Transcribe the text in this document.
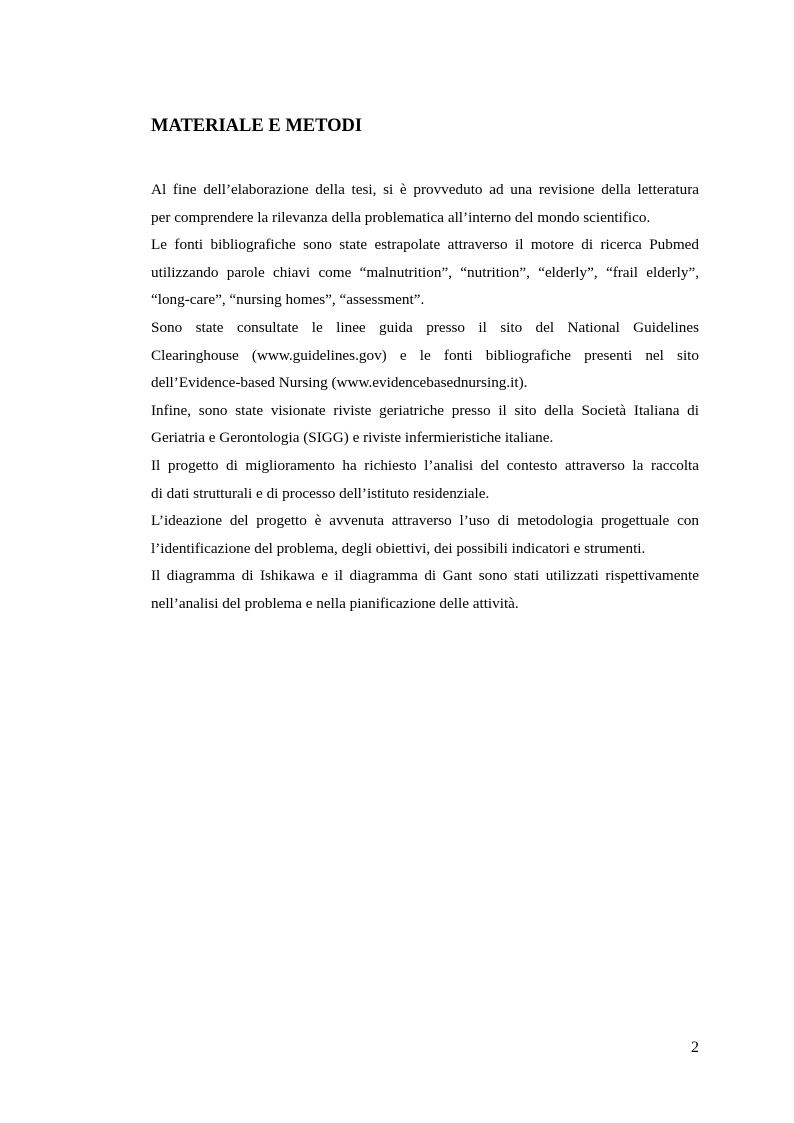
MATERIALE E METODI
Al fine dell’elaborazione della tesi, si è provveduto ad una revisione della letteratura
per comprendere la rilevanza della problematica all’interno del mondo scientifico.
Le fonti bibliografiche sono state estrapolate attraverso il motore di ricerca Pubmed
utilizzando parole chiavi come “malnutrition”, “nutrition”, “elderly”, “frail elderly”,
“long-care”, “nursing homes”, “assessment”.
Sono state consultate le linee guida presso il sito del National Guidelines
Clearinghouse (www.guidelines.gov) e le fonti bibliografiche presenti nel sito
dell’Evidence-based Nursing (www.evidencebasednursing.it).
Infine, sono state visionate riviste geriatriche presso il sito della Società Italiana di
Geriatria e Gerontologia (SIGG) e riviste infermieristiche italiane.
Il progetto di miglioramento ha richiesto l’analisi del contesto attraverso la raccolta
di dati strutturali e di processo dell’istituto residenziale.
L’ideazione del progetto è avvenuta attraverso l’uso di metodologia progettuale con
l’identificazione del problema, degli obiettivi, dei possibili indicatori e strumenti.
Il diagramma di Ishikawa e il diagramma di Gant sono stati utilizzati rispettivamente
nell’analisi del problema e nella pianificazione delle attività.
2
